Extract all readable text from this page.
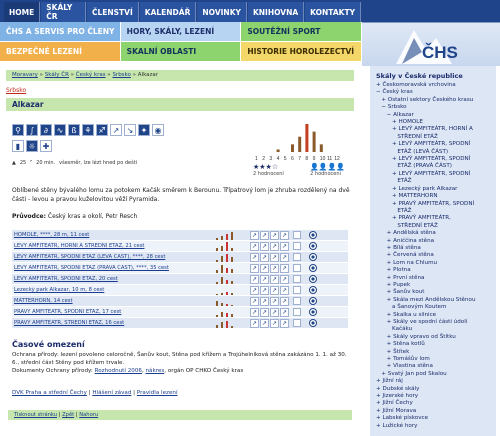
HOME	SKÁLY ČR	ČLENSTVÍ	KALENDÁŘ	NOVINKY	KNIHOVNA	KONTAKTY
ČHS
ČHS A SERVIS PRO ČLENY	HORY, SKÁLY, LEZENÍ	SOUTĚŽNÍ SPORT
BEZPEČNÉ LEZENÍ	SKALNÍ OBLASTI	HISTORIE HOROLEZECTVÍ
Moravary » Skály ČR » Český kras » Srbsko » Alkazar
Srbsko
Alkazar
⚲ ∫ ∂ ∿ ß ⚘ ♐ ↗ ↘ ✦ ◉
▮ ☼ ✚
▲ 25 ᴾ 20 min. všesměr, lze lézt hned po dešti
1 2 3 4 5 6 7 8 9 10 11 12
★★★☆
2 hodnocení
👤👤👤👤
2 hodnocení
Oblíbené stěny bývalého lomu za potokem Kačák směrem k Berounu. Třípatrový lom je zhruba rozdělený na dvě části - levou a pravou kuželovitou věží Pyramida.
Průvodce: Český kras a okolí, Petr Resch
HOMOLE, ****, 28 m, 11 cest	↗ ↗ ↗ ↗
LEVÝ AMFITEÁTR, HORNÍ A STŘEDNÍ ETÁŽ, 21 cest	↗ ↗ ↗ ↗
LEVÝ AMFITEÁTR, SPODNÍ ETÁŽ (LEVÁ ČÁST), ****, 28 cest	↗ ↗ ↗ ↗
LEVÝ AMFITEÁTR, SPODNÍ ETÁŽ (PRAVÁ ČÁST), ****, 35 cest	↗ ↗ ↗ ↗
LEVÝ AMFITEÁTR, SPODNÍ ETÁŽ, 20 cest	↗ ↗ ↗ ↗
Lezecký park Alkazar, 10 m, 8 cest	↗ ↗ ↗ ↗
MATTERHORN, 14 cest	↗ ↗ ↗ ↗
PRAVÝ AMFITEÁTR, SPODNÍ ETÁŽ, 17 cest	↗ ↗ ↗ ↗
PRAVÝ AMFITEÁTR, STŘEDNÍ ETÁŽ, 16 cest	↗ ↗ ↗ ↗
Časové omezení
Ochrana přírody: lezení povoleno celoročně, Šanův kout, Stěna pod křížem a Trojúhelníková stěna zakázáno 1. 1. až 30. 6., střední část Stěny pod křížem trvale.
Dokumenty Ochrany přírody: Rozhodnutí 2006, nákres, orgán OP CHKO Český kras
DVK Praha a střední Čechy | Hlášení závad | Pravidla lezení
Tisknout stránku | Zpět | Nahoru
Skály v České republice
+ Českomoravská vrchovina
− Český kras
+ Ostatní sektory Českého krasu
− Srbsko
− Alkazar
+ HOMOLE
+ LEVÝ AMFITEÁTR, HORNÍ A
STŘEDNÍ ETÁŽ
+ LEVÝ AMFITEÁTR, SPODNÍ
ETÁŽ (LEVÁ ČÁST)
+ LEVÝ AMFITEÁTR, SPODNÍ
ETÁŽ (PRAVÁ ČÁST)
+ LEVÝ AMFITEÁTR, SPODNÍ
ETÁŽ
+ Lezecký park Alkazar
+ MATTERHORN
+ PRAVÝ AMFITEÁTR, SPODNÍ
ETÁŽ
+ PRAVÝ AMFITEÁTR,
STŘEDNÍ ETÁŽ
+ Andělská stěna
+ Aniččina stěna
+ Bílá stěna
+ Červená stěna
+ Lom na Chlumu
+ Plotna
+ První stěna
+ Pupek
+ Šanův kout
+ Skála mezi Andělskou Stěnou
a Šanovým Koutem
+ Skalka u silnice
+ Skály ve spodní části údolí
Kačáku
+ Skály vpravo od Štítku
+ Stěna kotlů
+ Štítek
+ Tomášův lom
+ Vlastina stěna
+ Svatý Jan pod Skalou
+ Jižní ráj
+ Dubské skály
+ Jizerské hory
+ Jižní Čechy
+ Jižní Morava
+ Labské pískovce
+ Lužické hory
